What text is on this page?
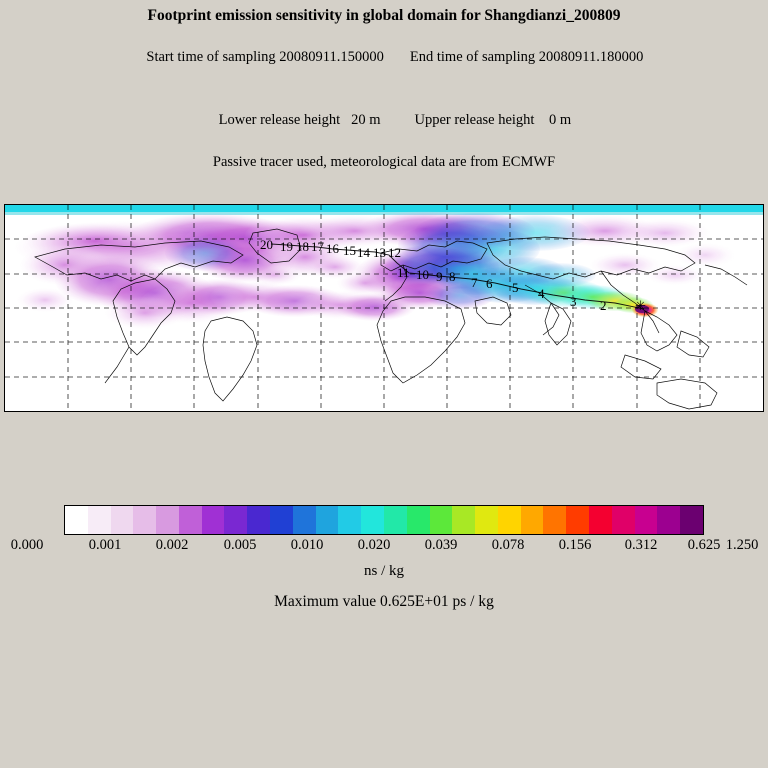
Footprint emission sensitivity in global domain for Shangdianzi_200809

Start time of sampling 20080911.150000 End time of sampling 20080911.180000

Lower release height   20 m Upper release height    0 m

Passive tracer used, meteorological data are from ECMWF
20 19 18 17 16 15 14 13 12
11 10 9 8 7 6 5 4
3 2 ✳
0.000	0.001 0.002 0.005 0.010 0.020 0.039 0.078 0.156 0.312 0.625 1.250
ns / kg
Maximum value 0.625E+01 ps / kg
